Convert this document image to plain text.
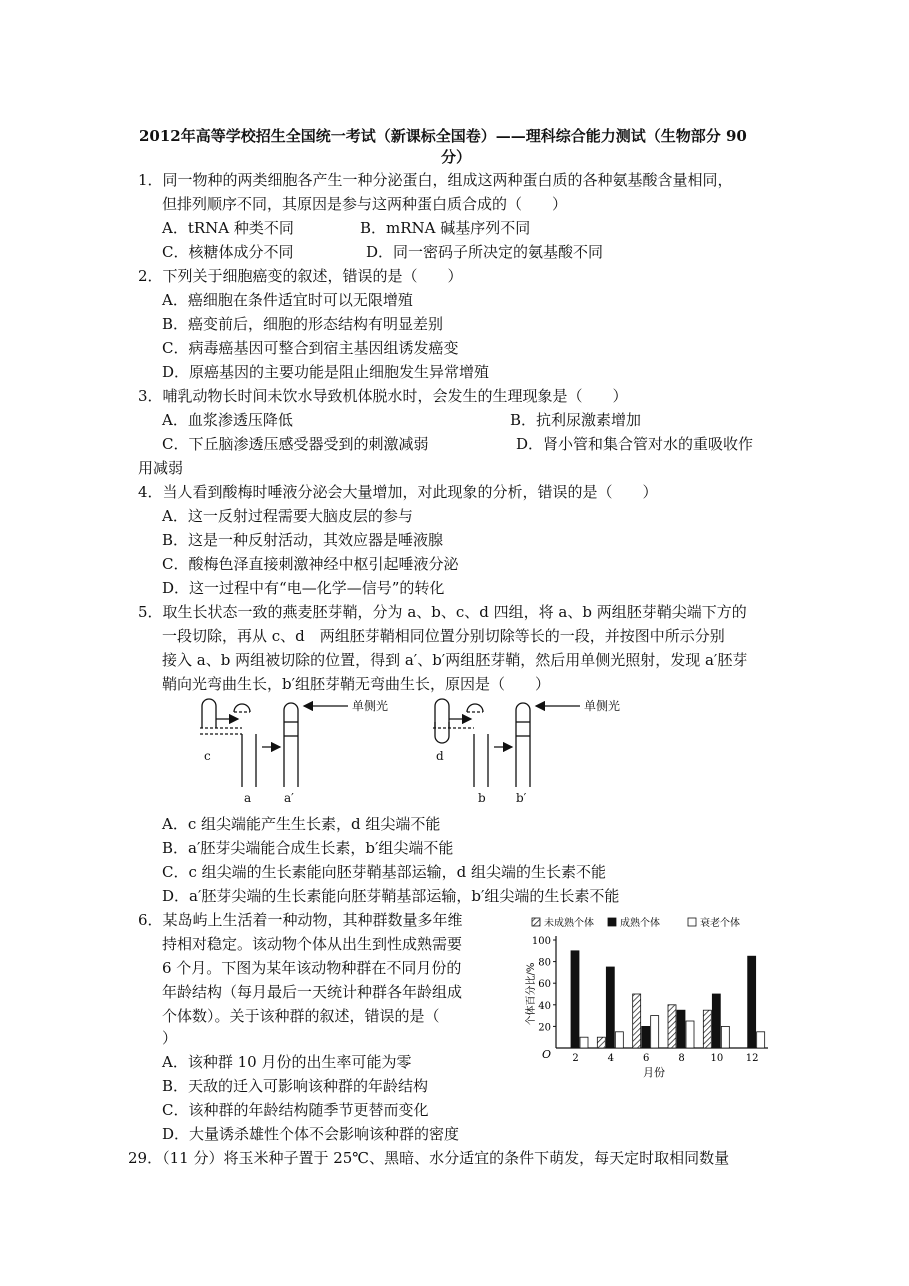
2012年高等学校招生全国统一考试（新课标全国卷）——理科综合能力测试（生物部分 90
分）
1．同一物种的两类细胞各产生一种分泌蛋白，组成这两种蛋白质的各种氨基酸含量相同，
但排列顺序不同，其原因是参与这两种蛋白质合成的（　　）
A．tRNA 种类不同	B．mRNA 碱基序列不同
C．核糖体成分不同	D．同一密码子所决定的氨基酸不同
2．下列关于细胞癌变的叙述，错误的是（　　）
A．癌细胞在条件适宜时可以无限增殖
B．癌变前后，细胞的形态结构有明显差别
C．病毒癌基因可整合到宿主基因组诱发癌变
D．原癌基因的主要功能是阻止细胞发生异常增殖
3．哺乳动物长时间未饮水导致机体脱水时，会发生的生理现象是（　　）
A．血浆渗透压降低	B．抗利尿激素增加
C．下丘脑渗透压感受器受到的刺激减弱	D．肾小管和集合管对水的重吸收作
用减弱
4．当人看到酸梅时唾液分泌会大量增加，对此现象的分析，错误的是（　　）
A．这一反射过程需要大脑皮层的参与
B．这是一种反射活动，其效应器是唾液腺
C．酸梅色泽直接刺激神经中枢引起唾液分泌
D．这一过程中有“电—化学—信号”的转化
5．取生长状态一致的燕麦胚芽鞘，分为 a、b、c、d 四组，将 a、b 两组胚芽鞘尖端下方的
一段切除，再从 c、d　两组胚芽鞘相同位置分别切除等长的一段，并按图中所示分别
接入 a、b 两组被切除的位置，得到 a′、b′两组胚芽鞘，然后用单侧光照射，发现 a′胚芽
鞘向光弯曲生长，b′组胚芽鞘无弯曲生长，原因是（　　）
单侧光	单侧光
c
a	a′
d
b	b′
A．c 组尖端能产生生长素，d 组尖端不能
B．a′胚芽尖端能合成生长素，b′组尖端不能
C．c 组尖端的生长素能向胚芽鞘基部运输，d 组尖端的生长素不能
D．a′胚芽尖端的生长素能向胚芽鞘基部运输，b′组尖端的生长素不能
6．某岛屿上生活着一种动物，其种群数量多年维
持相对稳定。该动物个体从出生到性成熟需要
6 个月。下图为某年该动物种群在不同月份的
年龄结构（每月最后一天统计种群各年龄组成
个体数）。关于该种群的叙述，错误的是（
）
A．该种群 10 月份的出生率可能为零
B．天敌的迁入可影响该种群的年龄结构
C．该种群的年龄结构随季节更替而变化
D．大量诱杀雄性个体不会影响该种群的密度
未成熟个体	成熟个体	衰老个体
20
40
60
80
100
O
个体百分比/%
月份
2	4	6	8	10 12
29．（11 分）将玉米种子置于 25℃、黑暗、水分适宜的条件下萌发，每天定时取相同数量
